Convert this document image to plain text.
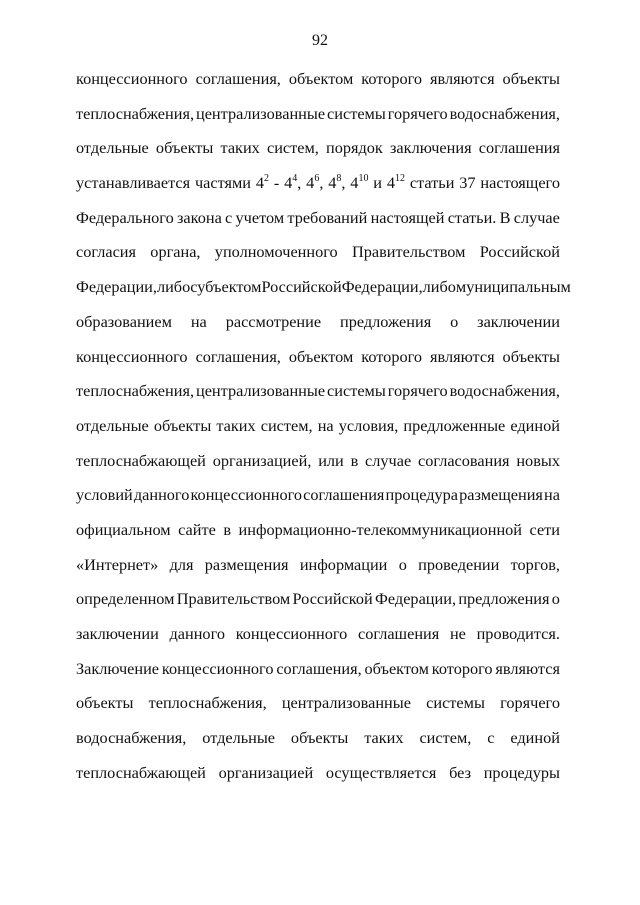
92
концессионного соглашения, объектом которого являются объекты
теплоснабжения, централизованные системы горячего водоснабжения,
отдельные объекты таких систем, порядок заключения соглашения
устанавливается частями $4^2 - 4^4$, $4^6$, $4^8$, $4^{10}$ и $4^{12}$ статьи 37 настоящего
Федерального закона с учетом требований настоящей статьи. В случае
согласия органа, уполномоченного Правительством Российской
Федерации, либо субъектом Российской Федерации, либо муниципальным
образованием на рассмотрение предложения о заключении
концессионного соглашения, объектом которого являются объекты
теплоснабжения, централизованные системы горячего водоснабжения,
отдельные объекты таких систем, на условия, предложенные единой
теплоснабжающей организацией, или в случае согласования новых
условий данного концессионного соглашения процедура размещения на
официальном сайте в информационно-телекоммуникационной сети
«Интернет» для размещения информации о проведении торгов,
определенном Правительством Российской Федерации, предложения о
заключении данного концессионного соглашения не проводится.
Заключение концессионного соглашения, объектом которого являются
объекты теплоснабжения, централизованные системы горячего
водоснабжения, отдельные объекты таких систем, с единой
теплоснабжающей организацией осуществляется без процедуры
